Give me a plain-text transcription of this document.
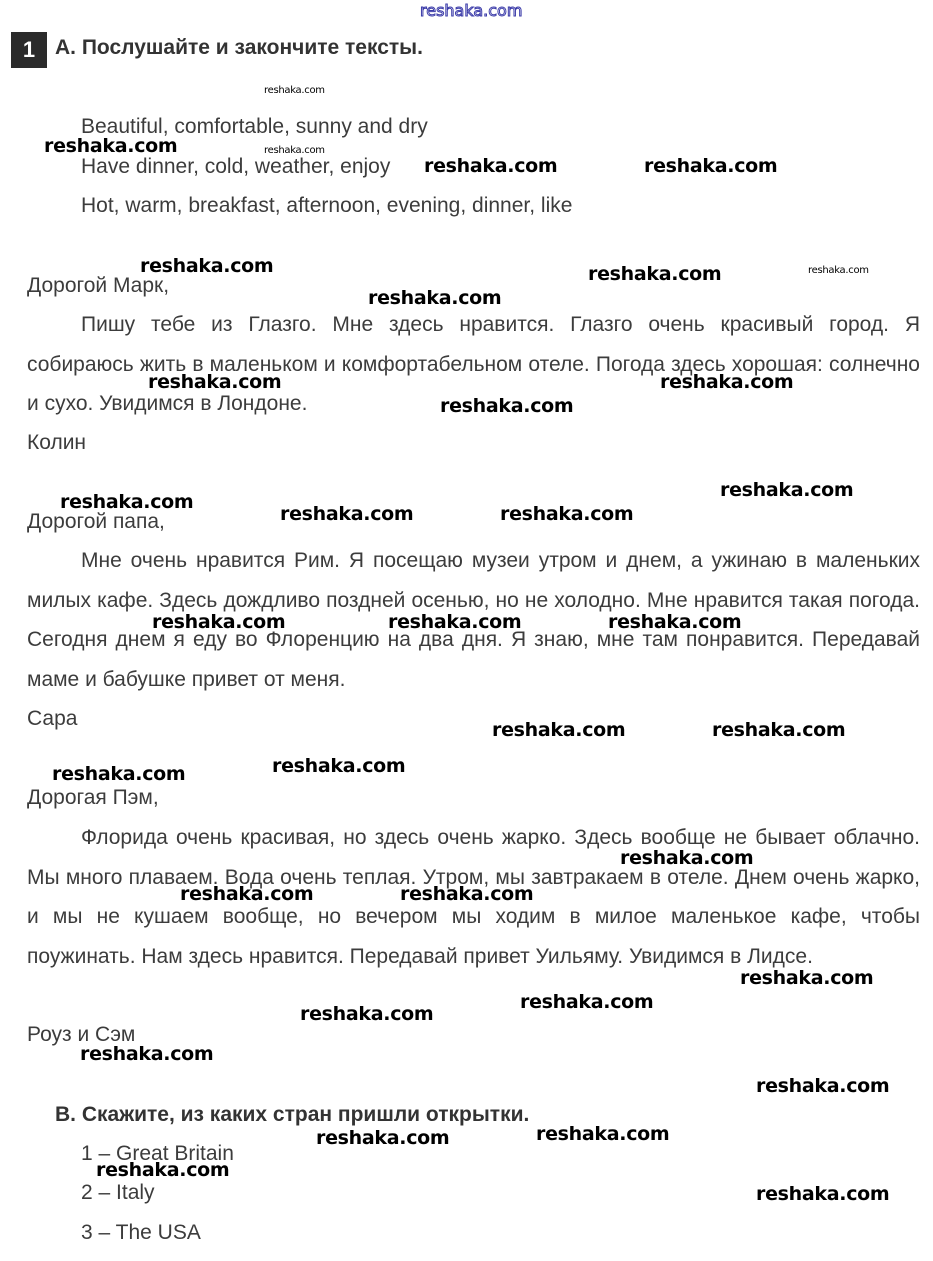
1 A. Послушайте и закончите тексты.
Beautiful, comfortable, sunny and dry
Have dinner, cold, weather, enjoy
Hot, warm, breakfast, afternoon, evening, dinner, like
Дорогой Марк,
Пишу тебе из Глазго. Мне здесь нравится. Глазго очень красивый город. Я собираюсь жить в маленьком и комфортабельном отеле. Погода здесь хорошая: солнечно и сухо. Увидимся в Лондоне.
Колин
Дорогой папа,
Мне очень нравится Рим. Я посещаю музеи утром и днем, а ужинаю в маленьких милых кафе. Здесь дождливо поздней осенью, но не холодно. Мне нравится такая погода. Сегодня днем я еду во Флоренцию на два дня. Я знаю, мне там понравится. Передавай маме и бабушке привет от меня.
Сара
Дорогая Пэм,
Флорида очень красивая, но здесь очень жарко. Здесь вообще не бывает облачно. Мы много плаваем. Вода очень теплая. Утром, мы завтракаем в отеле. Днем очень жарко, и мы не кушаем вообще, но вечером мы ходим в милое маленькое кафе, чтобы поужинать. Нам здесь нравится. Передавай привет Уильяму. Увидимся в Лидсе.
Роуз и Сэм
B. Скажите, из каких стран пришли открытки.
1 – Great Britain
2 – Italy
3 – The USA
reshaka.com
reshaka.com
reshaka.com
reshaka.com
reshaka.com
reshaka.com	reshaka.com
reshaka.com	reshaka.com
reshaka.com
reshaka.com	reshaka.com
reshaka.com
reshaka.com
reshaka.com
reshaka.com	reshaka.com
reshaka.com	reshaka.com	reshaka.com
reshaka.com	reshaka.com
reshaka.com	reshaka.com
reshaka.com
reshaka.com	reshaka.com
reshaka.com
reshaka.com
reshaka.com
reshaka.com
reshaka.com
reshaka.com	reshaka.com
reshaka.com
reshaka.com
